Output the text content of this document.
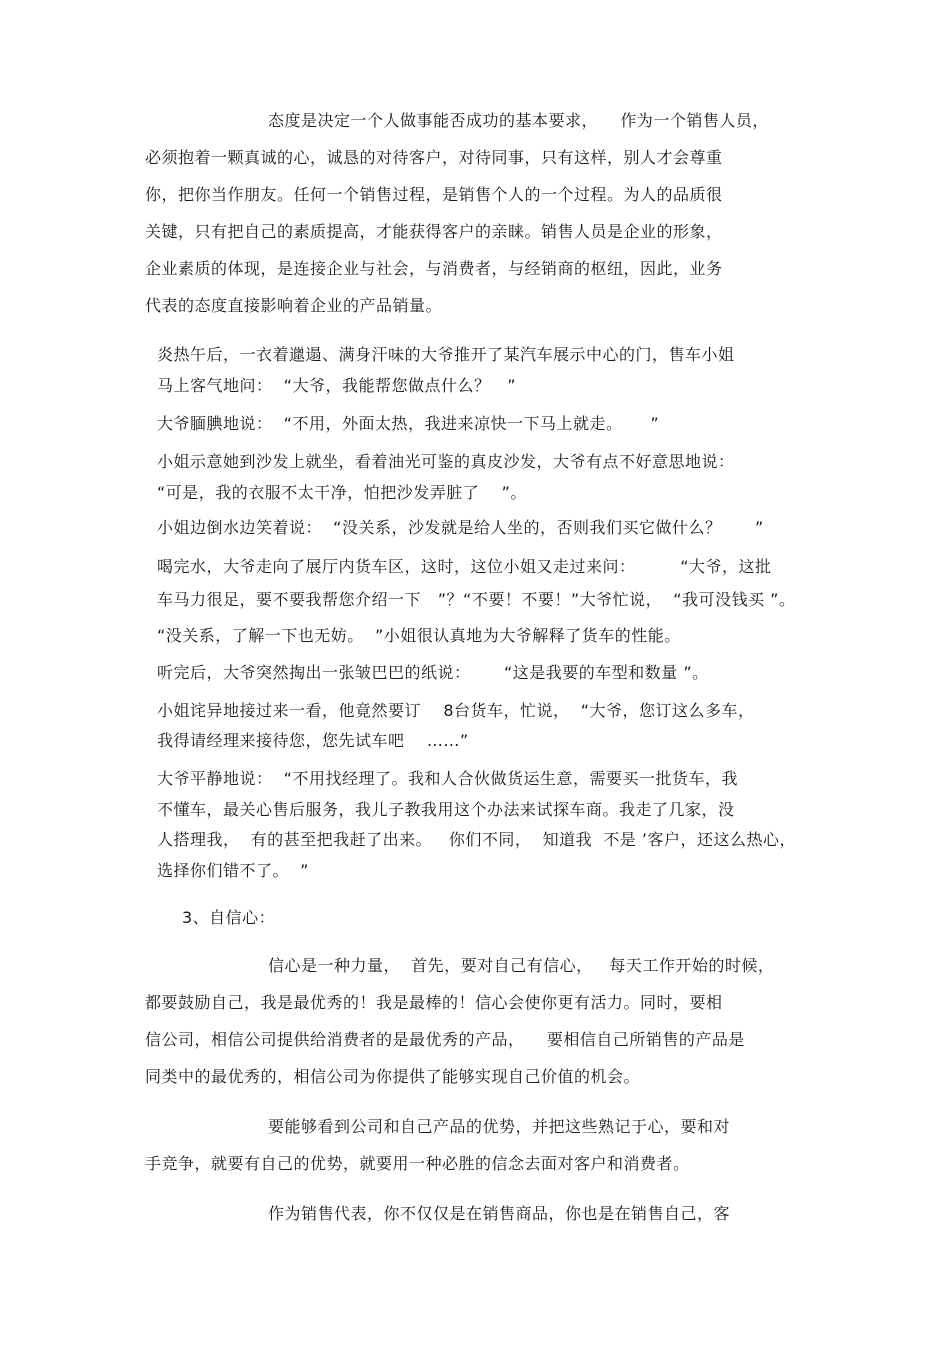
态度是决定一个人做事能否成功的基本要求，    作为一个销售人员，
必须抱着一颗真诚的心，诚恳的对待客户，对待同事，只有这样，别人才会尊重
你，把你当作朋友。任何一个销售过程，是销售个人的一个过程。为人的品质很
关键，只有把自己的素质提高，才能获得客户的亲睐。销售人员是企业的形象，
企业素质的体现，是连接企业与社会，与消费者，与经销商的枢纽，因此，业务
代表的态度直接影响着企业的产品销量。
炎热午后，一衣着邋遢、满身汗味的大爷推开了某汽车展示中心的门，售车小姐
马上客气地问：  “大爷，我能帮您做点什么？   ”
大爷腼腆地说：  “不用，外面太热，我进来凉快一下马上就走。     ”
小姐示意她到沙发上就坐，看着油光可鉴的真皮沙发，大爷有点不好意思地说：
“可是，我的衣服不太干净，怕把沙发弄脏了    ”。
小姐边倒水边笑着说：  “没关系，沙发就是给人坐的，否则我们买它做什么？      ”
喝完水，大爷走向了展厅内货车区，这时，这位小姐又走过来问：        “大爷，这批
车马力很足，要不要我帮您介绍一下   ”？“不要！不要！”大爷忙说，  “我可没钱买 ”。
“没关系，了解一下也无妨。  ”小姐很认真地为大爷解释了货车的性能。
听完后，大爷突然掏出一张皱巴巴的纸说：      “这是我要的车型和数量 ”。
小姐诧异地接过来一看，他竟然要订    8台货车，忙说，  “大爷，您订这么多车，
我得请经理来接待您，您先试车吧    ……”
大爷平静地说：  “不用找经理了。我和人合伙做货运生意，需要买一批货车，我
不懂车，最关心售后服务，我儿子教我用这个办法来试探车商。我走了几家，没
人搭理我，  有的甚至把我赶了出来。   你们不同，  知道我  不是 ’客户，还这么热心，
选择你们错不了。  ”
3、自信心：
信心是一种力量，  首先，要对自己有信心，   每天工作开始的时候，
都要鼓励自己，我是最优秀的！我是最棒的！信心会使你更有活力。同时，要相
信公司，相信公司提供给消费者的是最优秀的产品，    要相信自己所销售的产品是
同类中的最优秀的，相信公司为你提供了能够实现自己价值的机会。
要能够看到公司和自己产品的优势，并把这些熟记于心，要和对
手竞争，就要有自己的优势，就要用一种必胜的信念去面对客户和消费者。
作为销售代表，你不仅仅是在销售商品，你也是在销售自己，客
